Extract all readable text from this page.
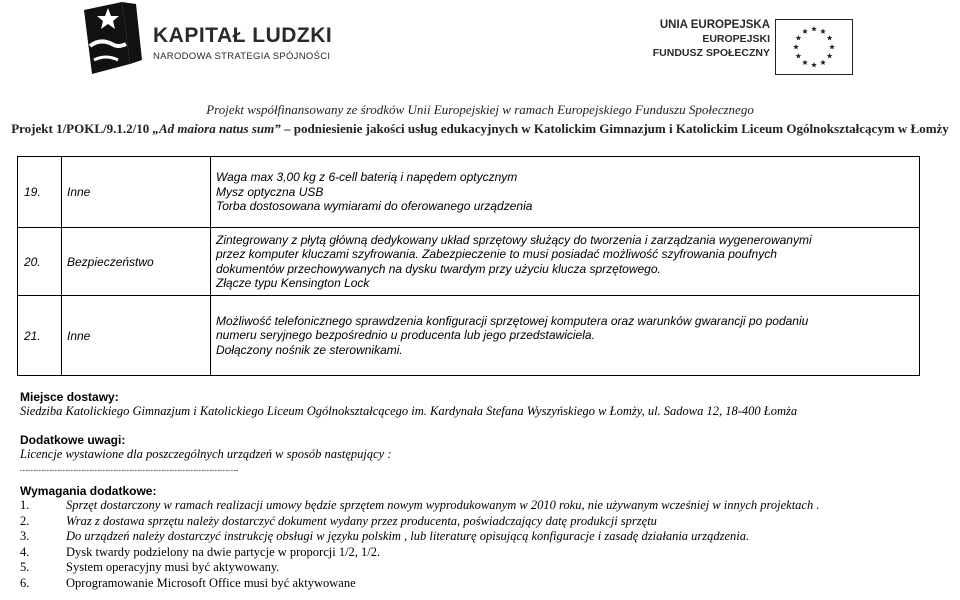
KAPITAŁ LUDZKI
NARODOWA STRATEGIA SPÓJNOŚCI
UNIA EUROPEJSKA
EUROPEJSKI
FUNDUSZ SPOŁECZNY
Projekt współfinansowany ze środków Unii Europejskiej w ramach Europejskiego Funduszu Społecznego
Projekt 1/POKL/9.1.2/10 „Ad maiora natus sum” – podniesienie jakości usług edukacyjnych w Katolickim Gimnazjum i Katolickim Liceum Ogólnokształcącym w Łomży
19.	Inne	Waga max 3,00 kg z 6-cell baterią i napędem optycznym
Mysz optyczna USB
Torba dostosowana wymiarami do oferowanego urządzenia

20.	Bezpieczeństwo	Zintegrowany z płytą główną dedykowany układ sprzętowy służący do tworzenia i zarządzania wygenerowanymi
przez komputer kluczami szyfrowania. Zabezpieczenie to musi posiadać możliwość szyfrowania poufnych
dokumentów przechowywanych na dysku twardym przy użyciu klucza sprzętowego.
Złącze typu Kensington Lock

21.	Inne	Możliwość telefonicznego sprawdzenia konfiguracji sprzętowej komputera oraz warunków gwarancji po podaniu
numeru seryjnego bezpośrednio u producenta lub jego przedstawiciela.
Dołączony nośnik ze sterownikami.
Miejsce dostawy:
Siedziba Katolickiego Gimnazjum i Katolickiego Liceum Ogólnokształcącego im. Kardynała Stefana Wyszyńskiego w Łomży, ul. Sadowa 12, 18-400 Łomża
Dodatkowe uwagi:
Licencje wystawione dla poszczególnych urządzeń w sposób następujący :
……………………………………………………………………….
Wymagania dodatkowe:
1.	Sprzęt dostarczony w ramach realizacji umowy będzie sprzętem nowym wyprodukowanym w 2010 roku, nie używanym wcześniej w innych projektach .
2.	Wraz z dostawa sprzętu należy dostarczyć dokument wydany przez producenta, poświadczający datę produkcji sprzętu
3.	Do urządzeń należy dostarczyć instrukcję obsługi w języku polskim , lub literaturę opisującą konfiguracje i zasadę działania urządzenia.
4.	Dysk twardy podzielony na dwie partycje w proporcji 1/2, 1/2.
5.	System operacyjny musi być aktywowany.
6.	Oprogramowanie Microsoft Office musi być aktywowane
